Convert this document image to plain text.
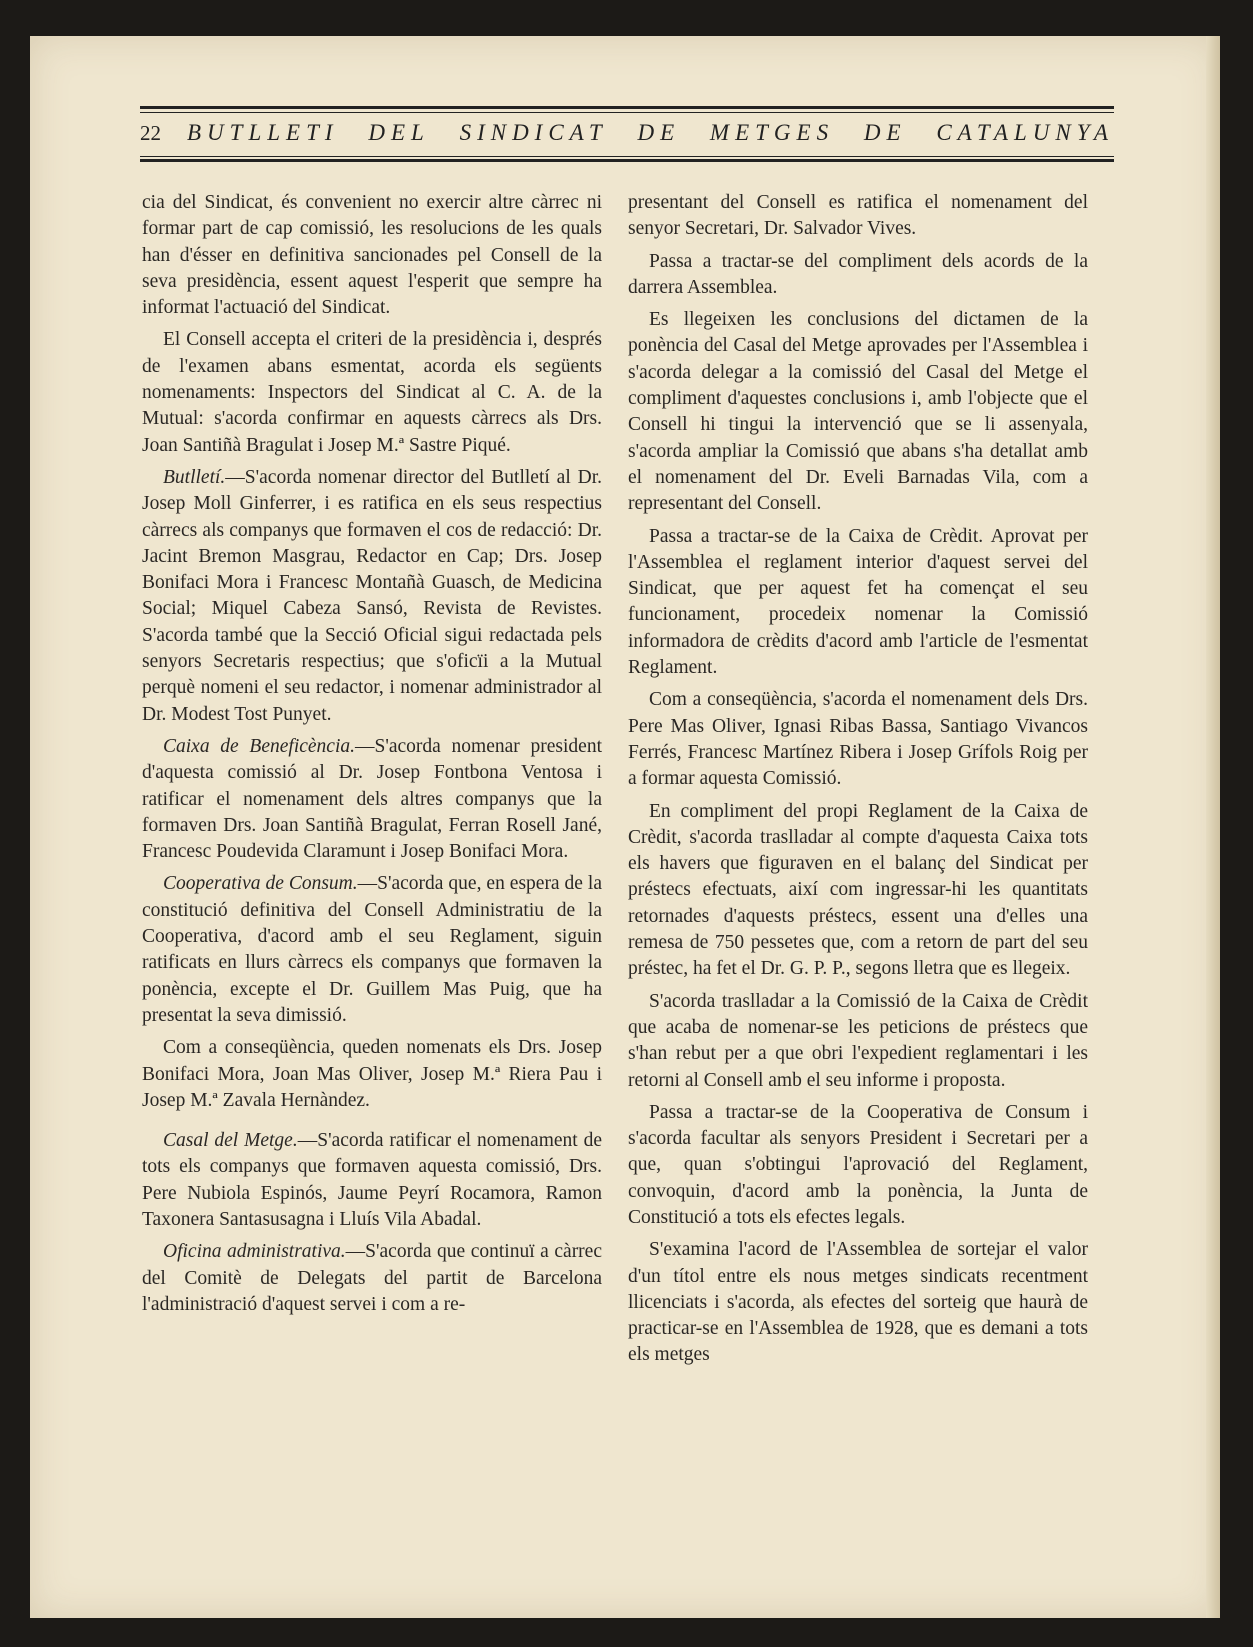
22 BUTLLETI DEL SINDICAT DE METGES DE CATALUNYA

cia del Sindicat, és convenient no exercir altre càrrec ni formar part de cap comissió, les resolucions de les quals han d'ésser en definitiva sancionades pel Consell de la seva presidència, essent aquest l'esperit que sempre ha informat l'actuació del Sindicat.

El Consell accepta el criteri de la presidència i, després de l'examen abans esmentat, acorda els següents nomenaments: Inspectors del Sindicat al C. A. de la Mutual: s'acorda confirmar en aquests càrrecs als Drs. Joan Santiñà Bragulat i Josep M.ª Sastre Piqué.

Butlletí.—S'acorda nomenar director del Butlletí al Dr. Josep Moll Ginferrer, i es ratifica en els seus respectius càrrecs als companys que formaven el cos de redacció: Dr. Jacint Bremon Masgrau, Redactor en Cap; Drs. Josep Bonifaci Mora i Francesc Montañà Guasch, de Medicina Social; Miquel Cabeza Sansó, Revista de Revistes. S'acorda també que la Secció Oficial sigui redactada pels senyors Secretaris respectius; que s'oficïi a la Mutual perquè nomeni el seu redactor, i nomenar administrador al Dr. Modest Tost Punyet.

Caixa de Beneficència.—S'acorda nomenar president d'aquesta comissió al Dr. Josep Fontbona Ventosa i ratificar el nomenament dels altres companys que la formaven Drs. Joan Santiñà Bragulat, Ferran Rosell Jané, Francesc Poudevida Claramunt i Josep Bonifaci Mora.

Cooperativa de Consum.—S'acorda que, en espera de la constitució definitiva del Consell Administratiu de la Cooperativa, d'acord amb el seu Reglament, siguin ratificats en llurs càrrecs els companys que formaven la ponència, excepte el Dr. Guillem Mas Puig, que ha presentat la seva dimissió.

Com a conseqüència, queden nomenats els Drs. Josep Bonifaci Mora, Joan Mas Oliver, Josep M.ª Riera Pau i Josep M.ª Zavala Hernàndez.

Casal del Metge.—S'acorda ratificar el nomenament de tots els companys que formaven aquesta comissió, Drs. Pere Nubiola Espinós, Jaume Peyrí Rocamora, Ramon Taxonera Santasusagna i Lluís Vila Abadal.

Oficina administrativa.—S'acorda que continuï a càrrec del Comitè de Delegats del partit de Barcelona l'administració d'aquest servei i com a re-

presentant del Consell es ratifica el nomenament del senyor Secretari, Dr. Salvador Vives.

Passa a tractar-se del compliment dels acords de la darrera Assemblea.

Es llegeixen les conclusions del dictamen de la ponència del Casal del Metge aprovades per l'Assemblea i s'acorda delegar a la comissió del Casal del Metge el compliment d'aquestes conclusions i, amb l'objecte que el Consell hi tingui la intervenció que se li assenyala, s'acorda ampliar la Comissió que abans s'ha detallat amb el nomenament del Dr. Eveli Barnadas Vila, com a representant del Consell.

Passa a tractar-se de la Caixa de Crèdit. Aprovat per l'Assemblea el reglament interior d'aquest servei del Sindicat, que per aquest fet ha començat el seu funcionament, procedeix nomenar la Comissió informadora de crèdits d'acord amb l'article de l'esmentat Reglament.

Com a conseqüència, s'acorda el nomenament dels Drs. Pere Mas Oliver, Ignasi Ribas Bassa, Santiago Vivancos Ferrés, Francesc Martínez Ribera i Josep Grífols Roig per a formar aquesta Comissió.

En compliment del propi Reglament de la Caixa de Crèdit, s'acorda traslladar al compte d'aquesta Caixa tots els havers que figuraven en el balanç del Sindicat per préstecs efectuats, així com ingressar-hi les quantitats retornades d'aquests préstecs, essent una d'elles una remesa de 750 pessetes que, com a retorn de part del seu préstec, ha fet el Dr. G. P. P., segons lletra que es llegeix.

S'acorda traslladar a la Comissió de la Caixa de Crèdit que acaba de nomenar-se les peticions de préstecs que s'han rebut per a que obri l'expedient reglamentari i les retorni al Consell amb el seu informe i proposta.

Passa a tractar-se de la Cooperativa de Consum i s'acorda facultar als senyors President i Secretari per a que, quan s'obtingui l'aprovació del Reglament, convoquin, d'acord amb la ponència, la Junta de Constitució a tots els efectes legals.

S'examina l'acord de l'Assemblea de sortejar el valor d'un títol entre els nous metges sindicats recentment llicenciats i s'acorda, als efectes del sorteig que haurà de practicar-se en l'Assemblea de 1928, que es demani a tots els metges
